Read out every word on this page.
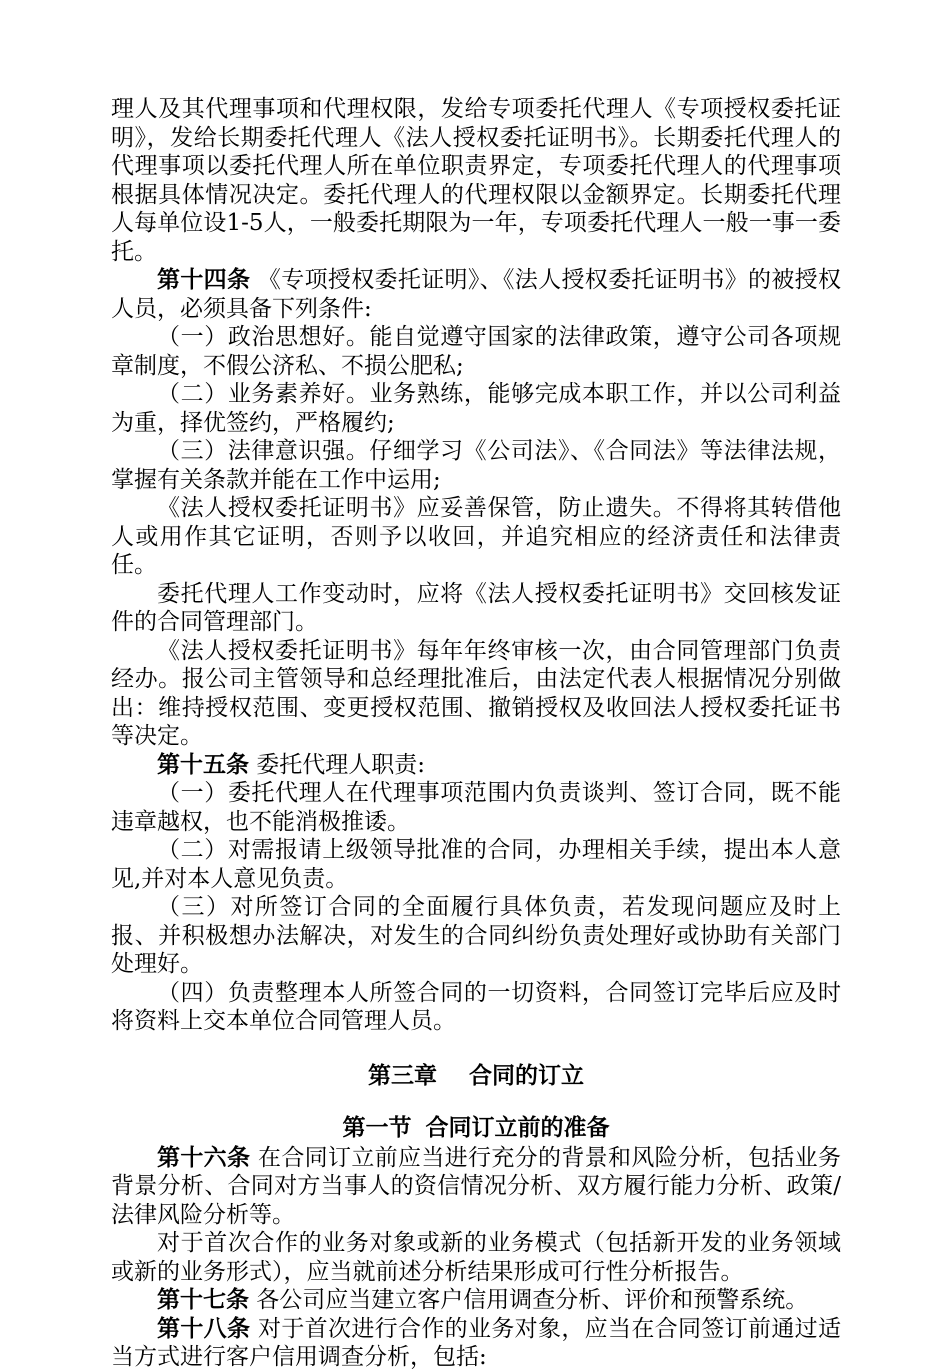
理人及其代理事项和代理权限，发给专项委托代理人《专项授权委托证明》，发给长期委托代理人《法人授权委托证明书》。长期委托代理人的代理事项以委托代理人所在单位职责界定，专项委托代理人的代理事项根据具体情况决定。委托代理人的代理权限以金额界定。长期委托代理人每单位设1-5人，一般委托期限为一年，专项委托代理人一般一事一委托。

第十四条 《专项授权委托证明》、《法人授权委托证明书》的被授权人员，必须具备下列条件:

（一）政治思想好。能自觉遵守国家的法律政策，遵守公司各项规章制度，不假公济私、不损公肥私;

（二）业务素养好。业务熟练，能够完成本职工作，并以公司利益为重，择优签约，严格履约;

（三）法律意识强。仔细学习《公司法》、《合同法》等法律法规，掌握有关条款并能在工作中运用;

《法人授权委托证明书》应妥善保管，防止遗失。不得将其转借他人或用作其它证明，否则予以收回，并追究相应的经济责任和法律责任。

委托代理人工作变动时，应将《法人授权委托证明书》交回核发证件的合同管理部门。

《法人授权委托证明书》每年年终审核一次，由合同管理部门负责经办。报公司主管领导和总经理批准后，由法定代表人根据情况分别做出：维持授权范围、变更授权范围、撤销授权及收回法人授权委托证书等决定。

第十五条 委托代理人职责:

（一）委托代理人在代理事项范围内负责谈判、签订合同，既不能违章越权，也不能消极推诿。

（二）对需报请上级领导批准的合同，办理相关手续，提出本人意见,并对本人意见负责。

（三）对所签订合同的全面履行具体负责，若发现问题应及时上报、并积极想办法解决，对发生的合同纠纷负责处理好或协助有关部门处理好。

（四）负责整理本人所签合同的一切资料，合同签订完毕后应及时将资料上交本单位合同管理人员。

第三章 合同的订立
第一节 合同订立前的准备

第十六条 在合同订立前应当进行充分的背景和风险分析，包括业务背景分析、合同对方当事人的资信情况分析、双方履行能力分析、政策/法律风险分析等。

对于首次合作的业务对象或新的业务模式（包括新开发的业务领域或新的业务形式），应当就前述分析结果形成可行性分析报告。

第十七条 各公司应当建立客户信用调查分析、评价和预警系统。

第十八条 对于首次进行合作的业务对象，应当在合同签订前通过适当方式进行客户信用调查分析，包括:
